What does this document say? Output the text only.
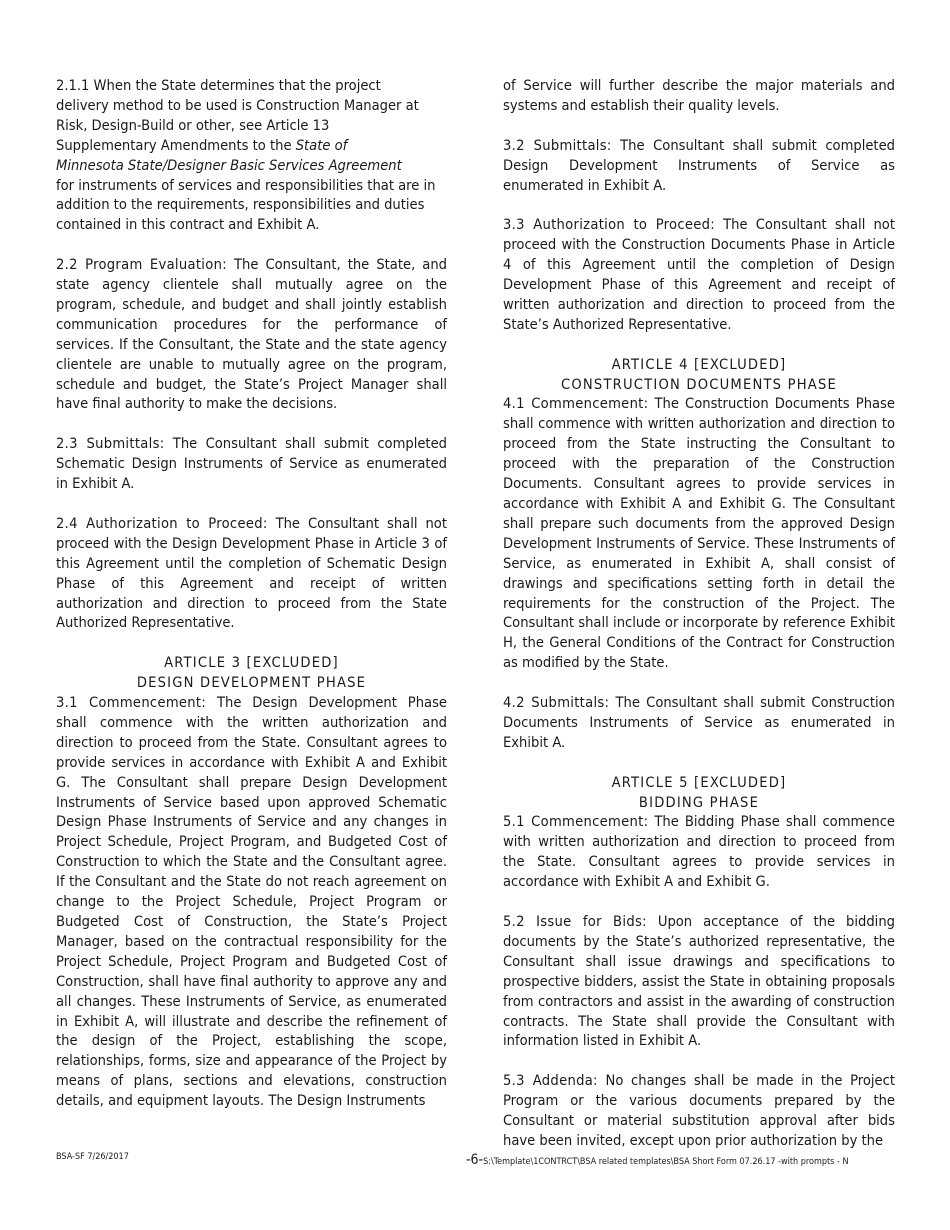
2.1.1 When the State determines that the project
delivery method to be used is Construction Manager at
Risk, Design-Build or other, see Article 13
Supplementary Amendments to the State of
Minnesota State/Designer Basic Services Agreement
for instruments of services and responsibilities that are in
addition to the requirements, responsibilities and duties
contained in this contract and Exhibit A.

2.2 Program Evaluation: The Consultant, the State, and state agency clientele shall mutually agree on the program, schedule, and budget and shall jointly establish communication procedures for the performance of services. If the Consultant, the State and the state agency clientele are unable to mutually agree on the program, schedule and budget, the State’s Project Manager shall have final authority to make the decisions.

2.3 Submittals: The Consultant shall submit completed Schematic Design Instruments of Service as enumerated in Exhibit A.

2.4 Authorization to Proceed: The Consultant shall not proceed with the Design Development Phase in Article 3 of this Agreement until the completion of Schematic Design Phase of this Agreement and receipt of written authorization and direction to proceed from the State Authorized Representative.

ARTICLE 3 [EXCLUDED]
DESIGN DEVELOPMENT PHASE

3.1 Commencement: The Design Development Phase shall commence with the written authorization and direction to proceed from the State. Consultant agrees to provide services in accordance with Exhibit A and Exhibit G. The Consultant shall prepare Design Development Instruments of Service based upon approved Schematic Design Phase Instruments of Service and any changes in Project Schedule, Project Program, and Budgeted Cost of Construction to which the State and the Consultant agree. If the Consultant and the State do not reach agreement on change to the Project Schedule, Project Program or Budgeted Cost of Construction, the State’s Project Manager, based on the contractual responsibility for the Project Schedule, Project Program and Budgeted Cost of Construction, shall have final authority to approve any and all changes. These Instruments of Service, as enumerated in Exhibit A, will illustrate and describe the refinement of the design of the Project, establishing the scope, relationships, forms, size and appearance of the Project by means of plans, sections and elevations, construction details, and equipment layouts. The Design Instruments

of Service will further describe the major materials and systems and establish their quality levels.

3.2 Submittals: The Consultant shall submit completed Design Development Instruments of Service as enumerated in Exhibit A.

3.3 Authorization to Proceed: The Consultant shall not proceed with the Construction Documents Phase in Article 4 of this Agreement until the completion of Design Development Phase of this Agreement and receipt of written authorization and direction to proceed from the State’s Authorized Representative.

ARTICLE 4 [EXCLUDED]
CONSTRUCTION DOCUMENTS PHASE

4.1 Commencement: The Construction Documents Phase shall commence with written authorization and direction to proceed from the State instructing the Consultant to proceed with the preparation of the Construction Documents. Consultant agrees to provide services in accordance with Exhibit A and Exhibit G. The Consultant shall prepare such documents from the approved Design Development Instruments of Service. These Instruments of Service, as enumerated in Exhibit A, shall consist of drawings and specifications setting forth in detail the requirements for the construction of the Project. The Consultant shall include or incorporate by reference Exhibit H, the General Conditions of the Contract for Construction as modified by the State.

4.2 Submittals: The Consultant shall submit Construction Documents Instruments of Service as enumerated in Exhibit A.

ARTICLE 5 [EXCLUDED]
BIDDING PHASE

5.1 Commencement: The Bidding Phase shall commence with written authorization and direction to proceed from the State. Consultant agrees to provide services in accordance with Exhibit A and Exhibit G.

5.2 Issue for Bids: Upon acceptance of the bidding documents by the State’s authorized representative, the Consultant shall issue drawings and specifications to prospective bidders, assist the State in obtaining proposals from contractors and assist in the awarding of construction contracts. The State shall provide the Consultant with information listed in Exhibit A.

5.3 Addenda: No changes shall be made in the Project Program or the various documents prepared by the Consultant or material substitution approval after bids have been invited, except upon prior authorization by the

BSA-SF 7/26/2017	-6-S:\Template\1CONTRCT\BSA related templates\BSA Short Form 07.26.17 -with prompts - N
